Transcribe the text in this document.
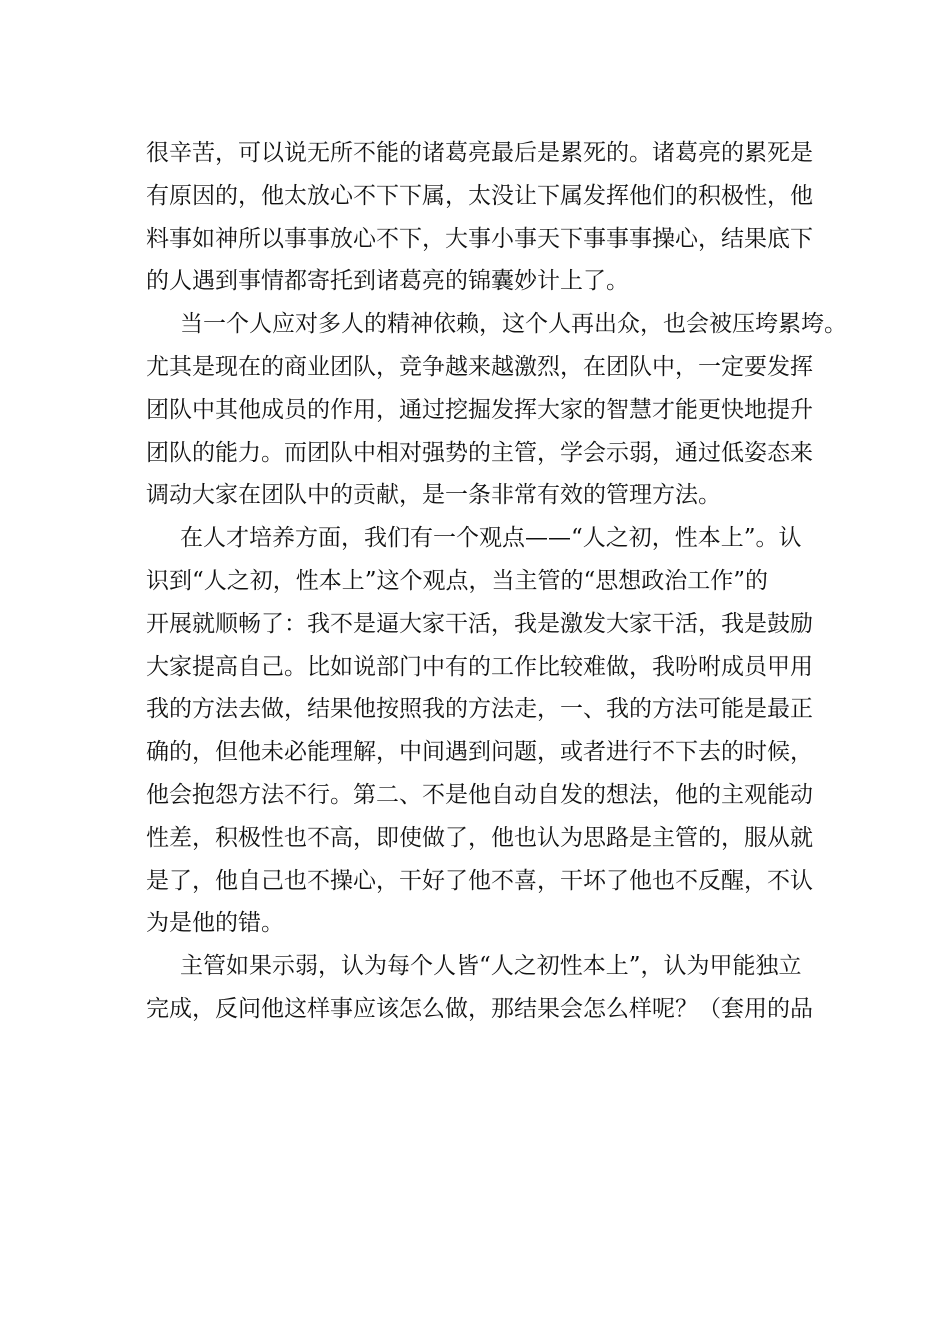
很辛苦，可以说无所不能的诸葛亮最后是累死的。诸葛亮的累死是
有原因的，他太放心不下下属，太没让下属发挥他们的积极性，他
料事如神所以事事放心不下，大事小事天下事事事操心，结果底下
的人遇到事情都寄托到诸葛亮的锦囊妙计上了。
当一个人应对多人的精神依赖，这个人再出众，也会被压垮累垮。
尤其是现在的商业团队，竞争越来越激烈，在团队中，一定要发挥
团队中其他成员的作用，通过挖掘发挥大家的智慧才能更快地提升
团队的能力。而团队中相对强势的主管，学会示弱，通过低姿态来
调动大家在团队中的贡献，是一条非常有效的管理方法。
在人才培养方面，我们有一个观点——“人之初，性本上”。认
识到“人之初，性本上”这个观点，当主管的“思想政治工作”的
开展就顺畅了：我不是逼大家干活，我是激发大家干活，我是鼓励
大家提高自己。比如说部门中有的工作比较难做，我吩咐成员甲用
我的方法去做，结果他按照我的方法走，一、我的方法可能是最正
确的，但他未必能理解，中间遇到问题，或者进行不下去的时候，
他会抱怨方法不行。第二、不是他自动自发的想法，他的主观能动
性差，积极性也不高，即使做了，他也认为思路是主管的，服从就
是了，他自己也不操心，干好了他不喜，干坏了他也不反醒，不认
为是他的错。
主管如果示弱，认为每个人皆“人之初性本上”，认为甲能独立
完成，反问他这样事应该怎么做，那结果会怎么样呢？（套用的品
